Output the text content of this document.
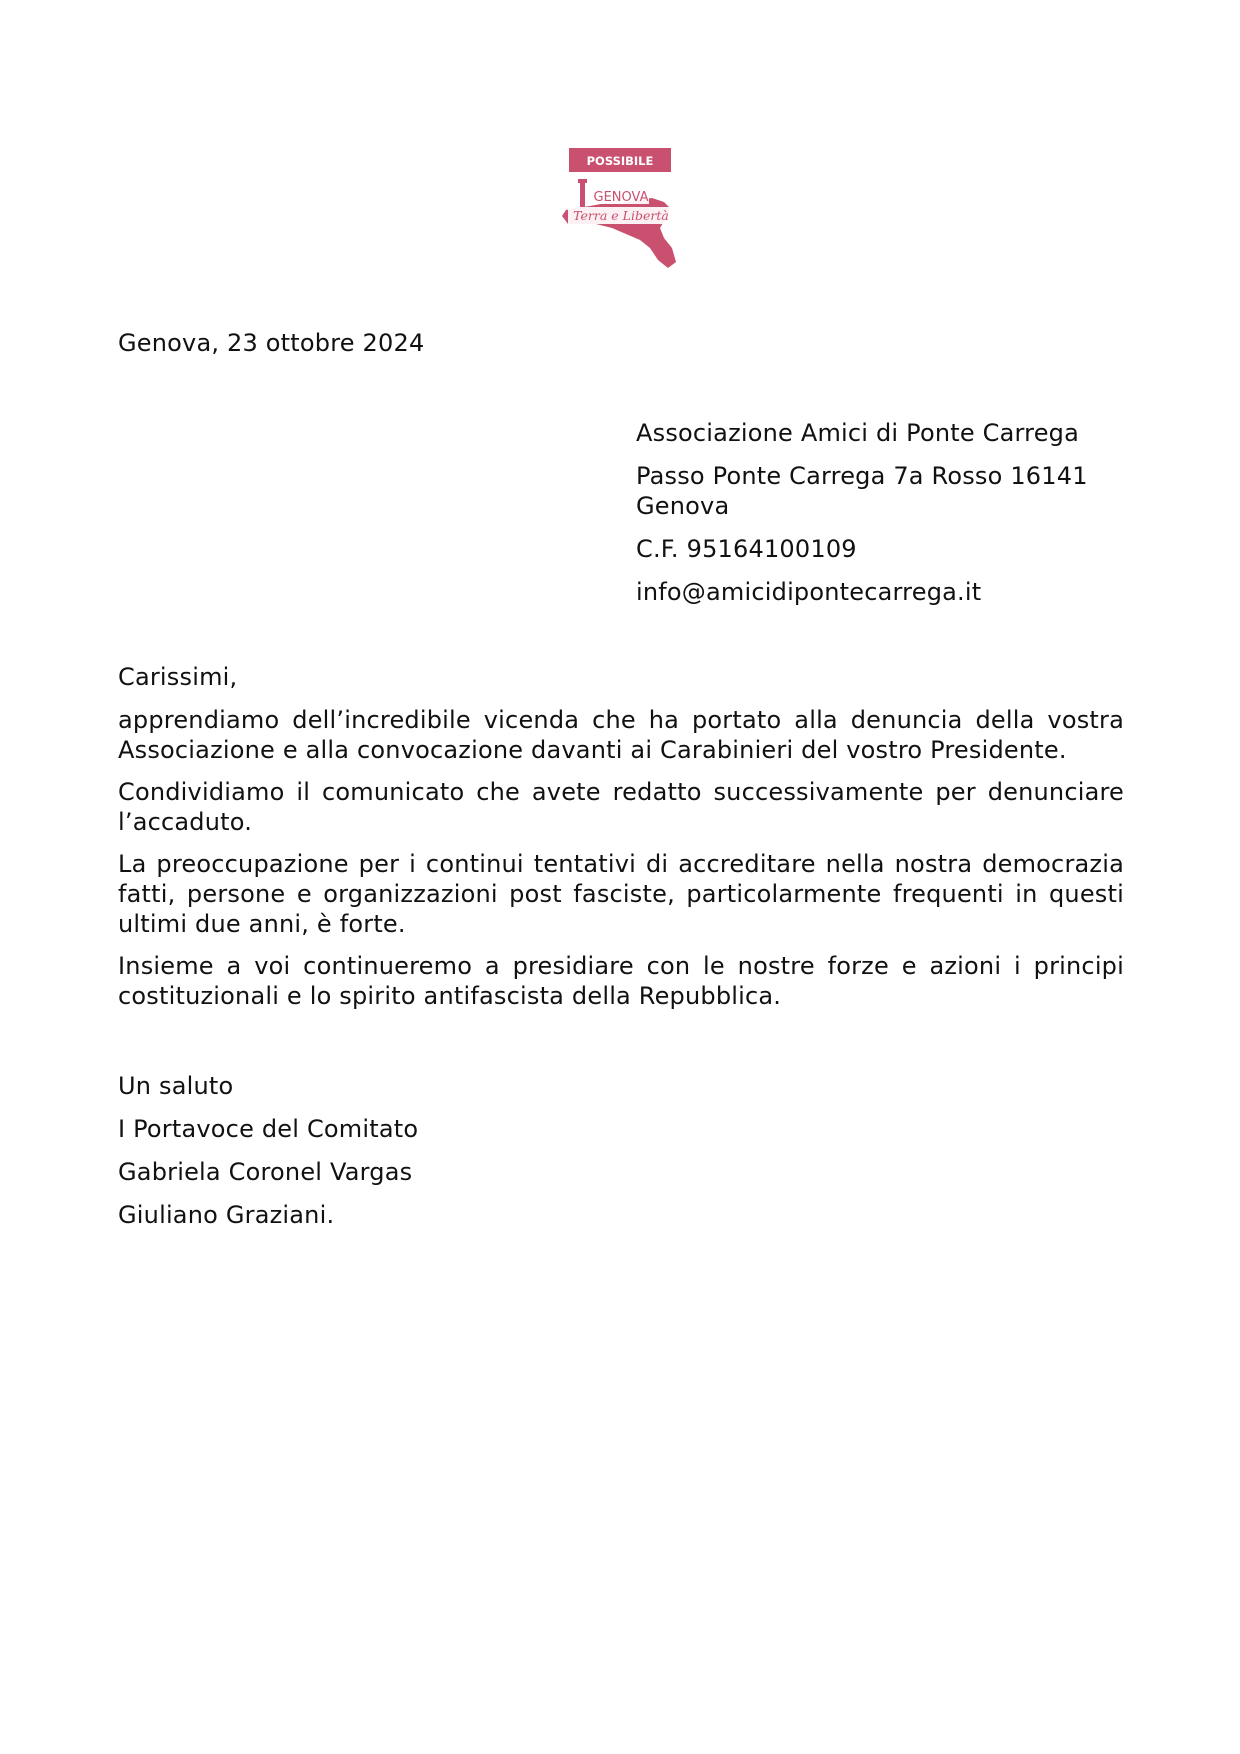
POSSIBILE
GENOVA
Terra e Libertà
Genova, 23 ottobre 2024
Associazione Amici di Ponte Carrega
Passo Ponte Carrega 7a Rosso 16141 Genova
C.F. 95164100109
info@amicidipontecarrega.it

Carissimi,

apprendiamo dell’incredibile vicenda che ha portato alla denuncia della vostra Associazione e alla convocazione davanti ai Carabinieri del vostro Presidente.

Condividiamo il comunicato che avete redatto successivamente per denunciare l’accaduto.

La preoccupazione per i continui tentativi di accreditare nella nostra democrazia fatti, persone e organizzazioni post fasciste, particolarmente frequenti in questi ultimi due anni, è forte.

Insieme a voi continueremo a presidiare con le nostre forze e azioni i principi costituzionali e lo spirito antifascista della Repubblica.

Un saluto
I Portavoce del Comitato
Gabriela Coronel Vargas
Giuliano Graziani.
